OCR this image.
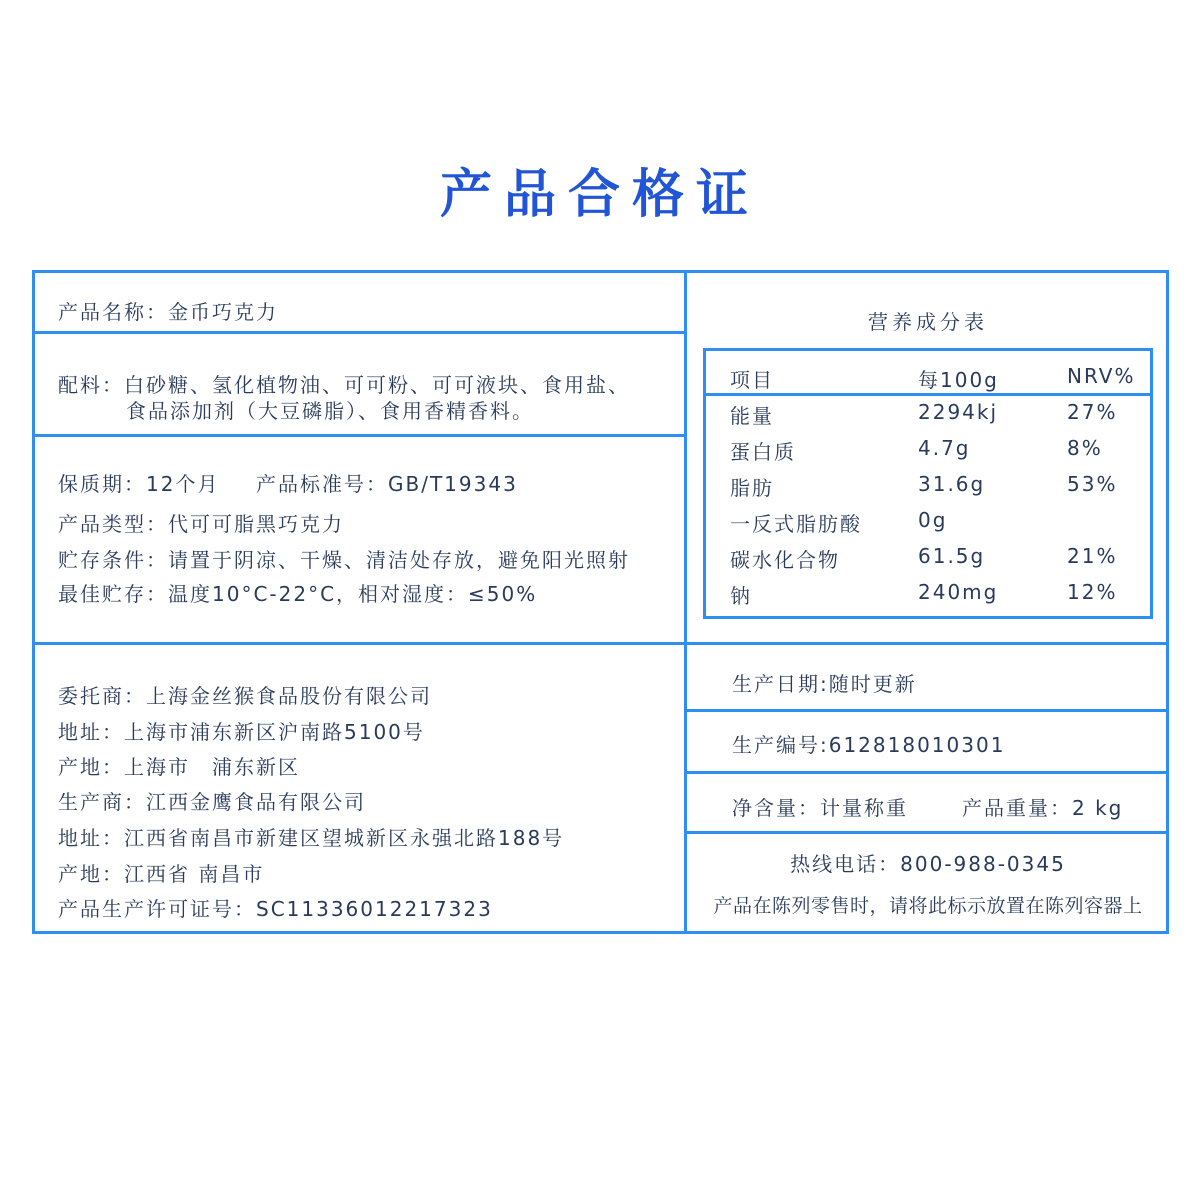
产品合格证
产品名称：金币巧克力
配料：白砂糖、氢化植物油、可可粉、可可液块、食用盐、
食品添加剂（大豆磷脂）、食用香精香料。
保质期：12个月 产品标准号：GB/T19343
产品类型：代可可脂黑巧克力
贮存条件：请置于阴凉、干燥、清洁处存放，避免阳光照射
最佳贮存：温度10°C-22°C，相对湿度：≤50%
委托商：上海金丝猴食品股份有限公司
地址：上海市浦东新区沪南路5100号
产地：上海市　浦东新区
生产商：江西金鹰食品有限公司
地址：江西省南昌市新建区望城新区永强北路188号
产地：江西省 南昌市
产品生产许可证号：SC11336012217323
营养成分表
项目	每100g	NRV%
能量	2294kj	27%
蛋白质	4.7g	8%
脂肪	31.6g	53%
一反式脂肪酸	0g
碳水化合物	61.5g	21%
钠	240mg	12%
生产日期:随时更新
生产编号:612818010301
净含量：计量称重	产品重量：2 kg
热线电话：800-988-0345
产品在陈列零售时，请将此标示放置在陈列容器上
